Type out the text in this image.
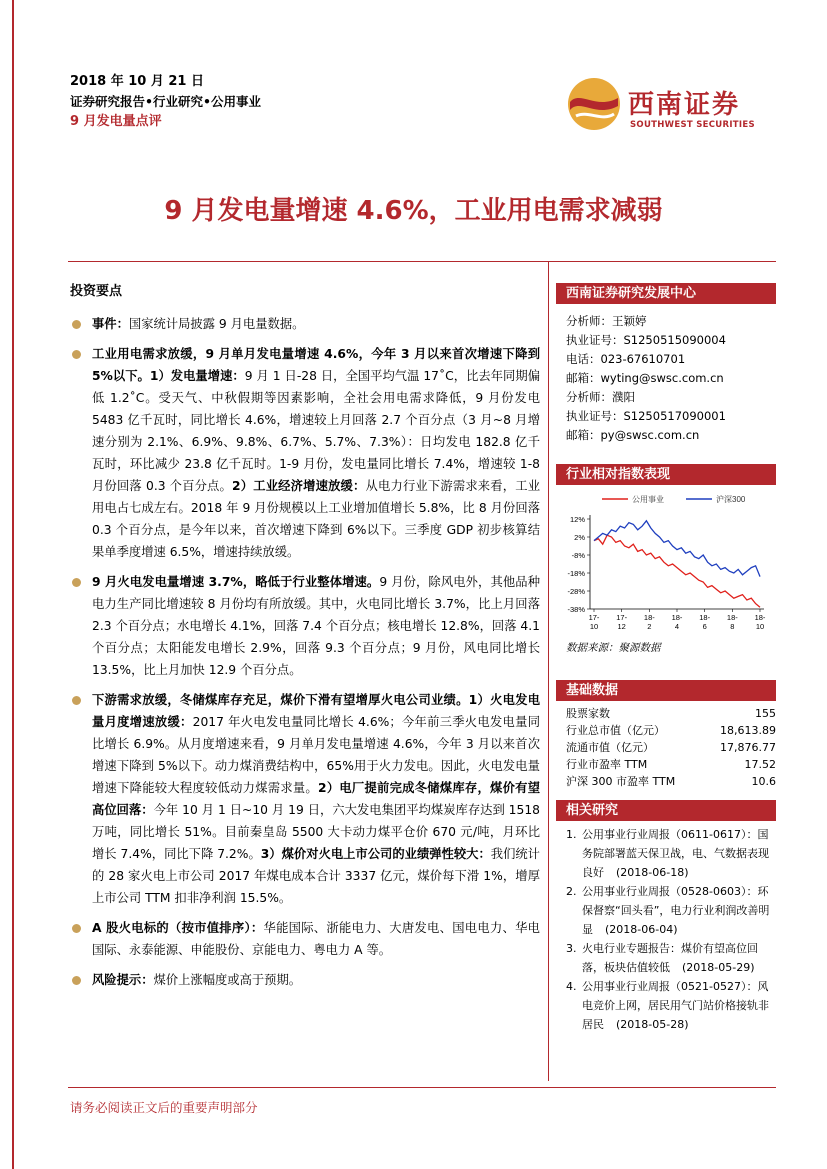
2018 年 10 月 21 日
证券研究报告•行业研究•公用事业
9 月发电量点评
西南证券
SOUTHWEST SECURITIES
9 月发电量增速 4.6%，工业用电需求减弱
投资要点
事件：国家统计局披露 9 月电量数据。
工业用电需求放缓，9 月单月发电量增速 4.6%，今年 3 月以来首次增速下降到 5%以下。1）发电量增速：9 月 1 日-28 日，全国平均气温 17˚C，比去年同期偏低 1.2˚C。受天气、中秋假期等因素影响，全社会用电需求降低，9 月份发电 5483 亿千瓦时，同比增长 4.6%，增速较上月回落 2.7 个百分点（3 月~8 月增速分别为 2.1%、6.9%、9.8%、6.7%、5.7%、7.3%）：日均发电 182.8 亿千瓦时，环比减少 23.8 亿千瓦时。1-9 月份，发电量同比增长 7.4%，增速较 1-8 月份回落 0.3 个百分点。2）工业经济增速放缓：从电力行业下游需求来看，工业用电占七成左右。2018 年 9 月份规模以上工业增加值增长 5.8%，比 8 月份回落 0.3 个百分点，是今年以来，首次增速下降到 6%以下。三季度 GDP 初步核算结果单季度增速 6.5%，增速持续放缓。
9 月火电发电量增速 3.7%，略低于行业整体增速。9 月份，除风电外，其他品种电力生产同比增速较 8 月份均有所放缓。其中，火电同比增长 3.7%，比上月回落 2.3 个百分点；水电增长 4.1%，回落 7.4 个百分点；核电增长 12.8%，回落 4.1 个百分点；太阳能发电增长 2.9%，回落 9.3 个百分点；9 月份，风电同比增长 13.5%，比上月加快 12.9 个百分点。
下游需求放缓，冬储煤库存充足，煤价下滑有望增厚火电公司业绩。1）火电发电量月度增速放缓：2017 年火电发电量同比增长 4.6%；今年前三季火电发电量同比增长 6.9%。从月度增速来看，9 月单月发电量增速 4.6%，今年 3 月以来首次增速下降到 5%以下。动力煤消费结构中，65%用于火力发电。因此，火电发电量增速下降能较大程度较低动力煤需求量。2）电厂提前完成冬储煤库存，煤价有望高位回落：今年 10 月 1 日~10 月 19 日，六大发电集团平均煤炭库存达到 1518 万吨，同比增长 51%。目前秦皇岛 5500 大卡动力煤平仓价 670 元/吨，月环比增长 7.4%，同比下降 7.2%。3）煤价对火电上市公司的业绩弹性较大：我们统计的 28 家火电上市公司 2017 年煤电成本合计 3337 亿元，煤价每下滑 1%，增厚上市公司 TTM 扣非净利润 15.5%。
A 股火电标的（按市值排序）：华能国际、浙能电力、大唐发电、国电电力、华电国际、永泰能源、申能股份、京能电力、粤电力 A 等。
风险提示：煤价上涨幅度或高于预期。
西南证券研究发展中心
分析师：王颖婷
执业证号：S1250515090004
电话：023-67610701
邮箱：wyting@swsc.com.cn
分析师：濮阳
执业证号：S1250517090001
邮箱：py@swsc.com.cn
行业相对指数表现
公用事业	沪深300
12%
2%
-8%
-18%
-28%
-38%
17-
10
17-
12
18-
2
18-
4
18-
6
18-
8
18-
10
数据来源：聚源数据
基础数据
股票家数	155
行业总市值（亿元）	18,613.89
流通市值（亿元）	17,876.77
行业市盈率 TTM	17.52
沪深 300 市盈率 TTM	10.6
相关研究
1. 公用事业行业周报（0611-0617）：国务院部署蓝天保卫战，电、气数据表现良好 (2018-06-18)
2. 公用事业行业周报（0528-0603）：环保督察“回头看”，电力行业利润改善明显 (2018-06-04)
3. 火电行业专题报告：煤价有望高位回落，板块估值较低 (2018-05-29)
4. 公用事业行业周报（0521-0527）：风电竞价上网，居民用气门站价格接轨非居民 (2018-05-28)
请务必阅读正文后的重要声明部分
